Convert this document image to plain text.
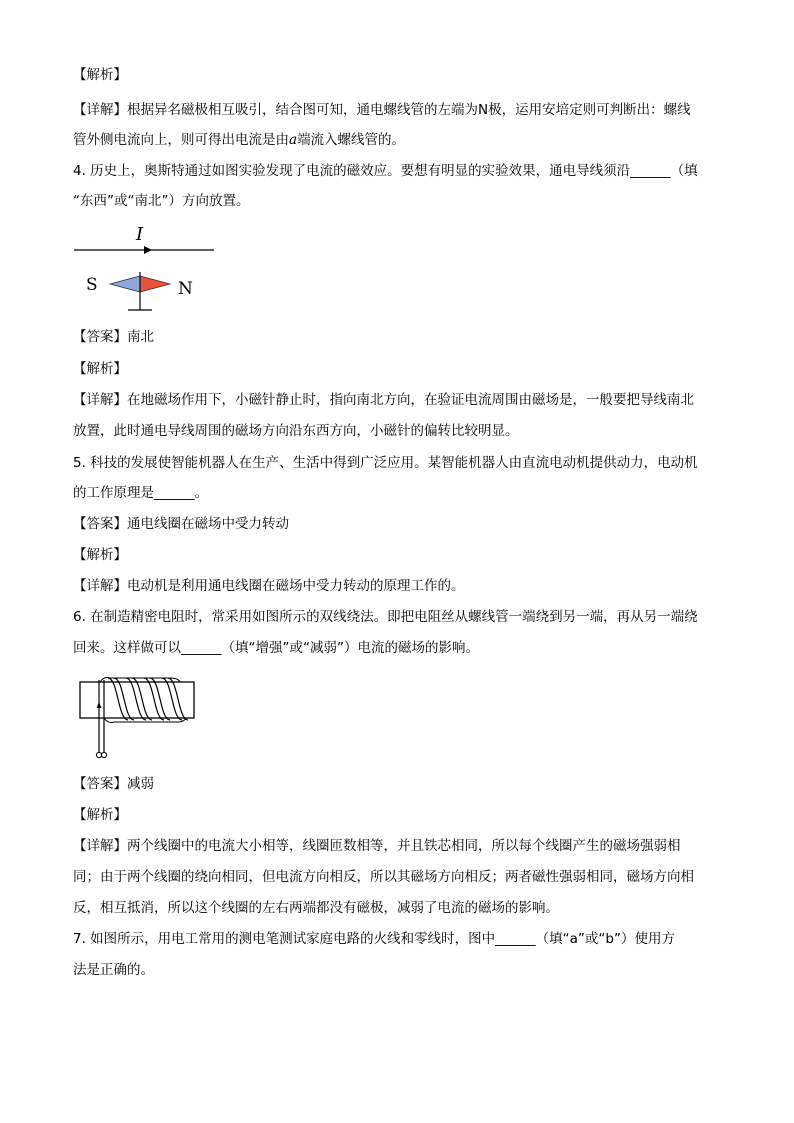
【解析】
【详解】根据异名磁极相互吸引，结合图可知，通电螺线管的左端为N极，运用安培定则可判断出：螺线
管外侧电流向上，则可得出电流是由a端流入螺线管的。
4. 历史上，奥斯特通过如图实验发现了电流的磁效应。要想有明显的实验效果，通电导线须沿______（填
“东西”或“南北”）方向放置。
I
S	N
【答案】南北
【解析】
【详解】在地磁场作用下，小磁针静止时，指向南北方向，在验证电流周围由磁场是，一般要把导线南北
放置，此时通电导线周围的磁场方向沿东西方向，小磁针的偏转比较明显。
5. 科技的发展使智能机器人在生产、生活中得到广泛应用。某智能机器人由直流电动机提供动力，电动机
的工作原理是______。
【答案】通电线圈在磁场中受力转动
【解析】
【详解】电动机是利用通电线圈在磁场中受力转动的原理工作的。
6. 在制造精密电阻时，常采用如图所示的双线绕法。即把电阻丝从螺线管一端绕到另一端，再从另一端绕
回来。这样做可以______（填“增强”或“减弱”）电流的磁场的影响。
【答案】减弱
【解析】
【详解】两个线圈中的电流大小相等，线圈匝数相等，并且铁芯相同，所以每个线圈产生的磁场强弱相
同；由于两个线圈的绕向相同，但电流方向相反，所以其磁场方向相反；两者磁性强弱相同，磁场方向相
反，相互抵消，所以这个线圈的左右两端都没有磁极，减弱了电流的磁场的影响。
7. 如图所示，用电工常用的测电笔测试家庭电路的火线和零线时，图中______（填“a”或“b”）使用方
法是正确的。
